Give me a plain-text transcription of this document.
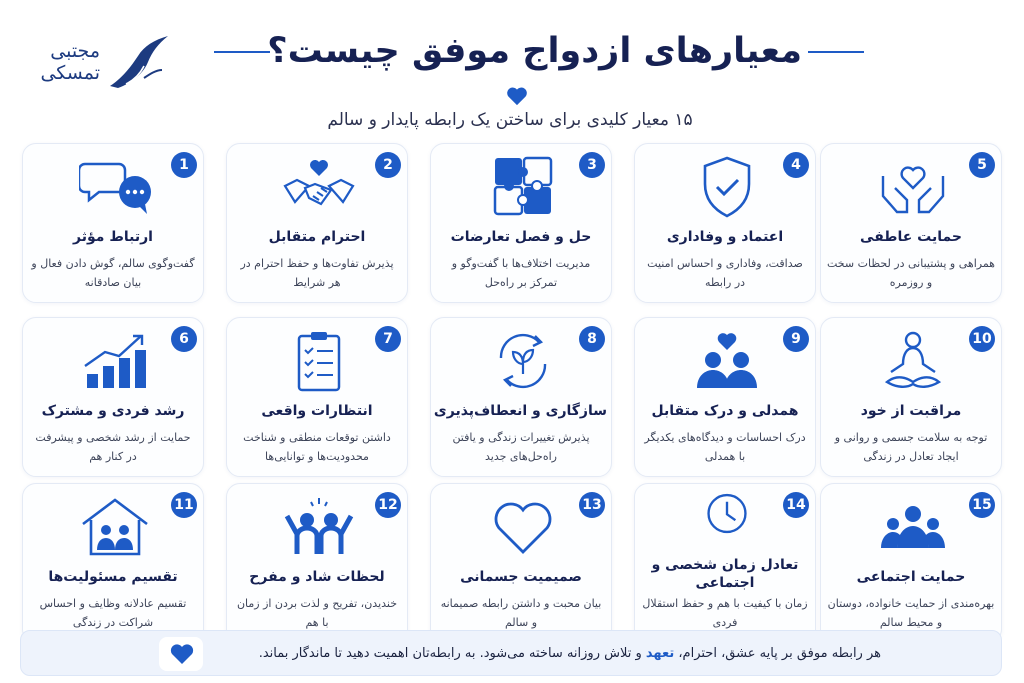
مجتبی
تمسکی
معیارهای ازدواج موفق چیست؟
۱۵ معیار کلیدی برای ساختن یک رابطه پایدار و سالم
1
ارتباط مؤثر
گفت‌وگوی سالم، گوش دادن فعال و بیان صادقانه
2
احترام متقابل
پذیرش تفاوت‌ها و حفظ احترام در هر شرایط
3
حل و فصل تعارضات
مدیریت اختلاف‌ها با گفت‌وگو و تمرکز بر راه‌حل
4
اعتماد و وفاداری
صداقت، وفاداری و احساس امنیت در رابطه
5
حمایت عاطفی
همراهی و پشتیبانی در لحظات سخت و روزمره
6
رشد فردی و مشترک
حمایت از رشد شخصی و پیشرفت در کنار هم
7
انتظارات واقعی
داشتن توقعات منطقی و شناخت محدودیت‌ها و توانایی‌ها
8
سازگاری و انعطاف‌پذیری
پذیرش تغییرات زندگی و یافتن راه‌حل‌های جدید
9
همدلی و درک متقابل
درک احساسات و دیدگاه‌های یکدیگر با همدلی
10
مراقبت از خود
توجه به سلامت جسمی و روانی و ایجاد تعادل در زندگی
11
تقسیم مسئولیت‌ها
تقسیم عادلانه وظایف و احساس شراکت در زندگی
12
لحظات شاد و مفرح
خندیدن، تفریح و لذت بردن از زمان با هم
13
صمیمیت جسمانی
بیان محبت و داشتن رابطه صمیمانه و سالم
14
تعادل زمان شخصی و اجتماعی
زمان با کیفیت با هم و حفظ استقلال فردی
15
حمایت اجتماعی
بهره‌مندی از حمایت خانواده، دوستان و محیط سالم
هر رابطه موفق بر پایه عشق، احترام، تعهد و تلاش روزانه ساخته می‌شود. به رابطه‌تان اهمیت دهید تا ماندگار بماند.
